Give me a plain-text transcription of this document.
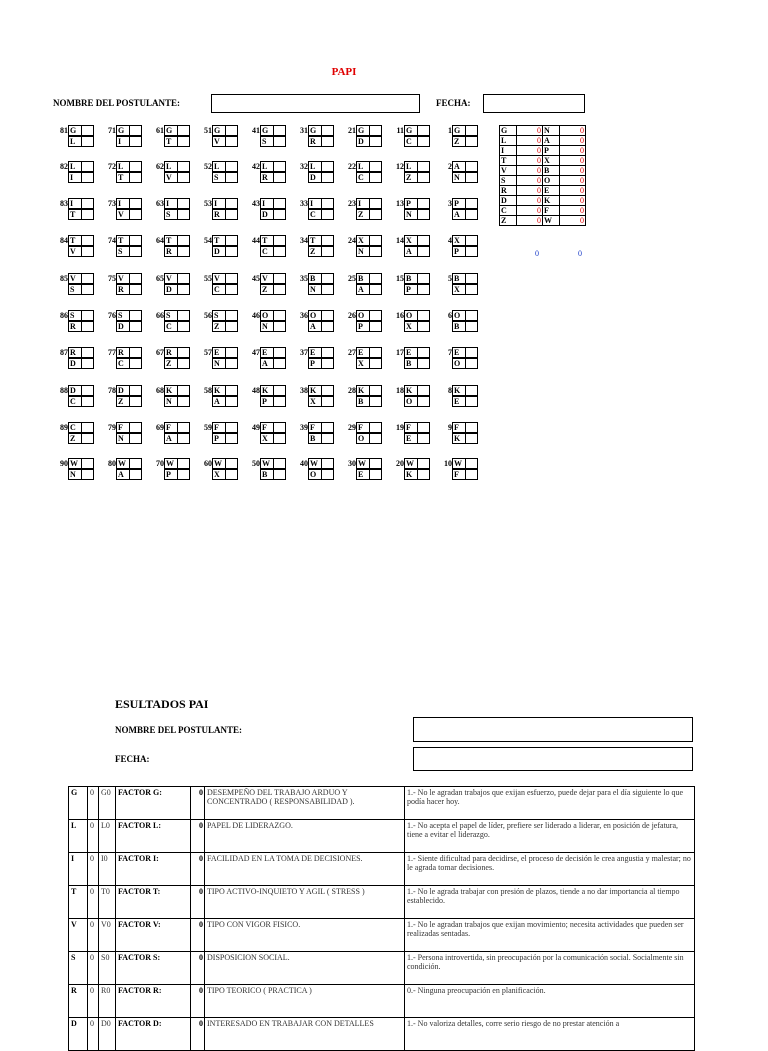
PAPI
NOMBRE DEL POSTULANTE:	FECHA:
81 G
L
71 G
I
61 G
T
51 G
V
41 G
S
31 G
R
21 G
D
11 G
C
1 G
Z
82 L
I
72 L
T
62 L
V
52 L
S
42 L
R
32 L
D
22 L
C
12 L
Z
2 A
N
83 I
T
73 I
V
63 I
S
53 I
R
43 I
D
33 I
C
23 I
Z
13 P
N
3 P
A
84 T
V
74 T
S
64 T
R
54 T
D
44 T
C
34 T
Z
24 X
N
14 X
A
4 X
P
85 V
S
75 V
R
65 V
D
55 V
C
45 V
Z
35 B
N
25 B
A
15 B
P
5 B
X
86 S
R
76 S
D
66 S
C
56 S
Z
46 O
N
36 O
A
26 O
P
16 O
X
6 O
B
87 R
D
77 R
C
67 R
Z
57 E
N
47 E
A
37 E
P
27 E
X
17 E
B
7 E
O
88 D
C
78 D
Z
68 K
N
58 K
A
48 K
P
38 K
X
28 K
B
18 K
O
8 K
E
89 C
Z
79 F
N
69 F
A
59 F
P
49 F
X
39 F
B
29 F
O
19 F
E
9 F
K
90 W
N
80 W
A
70 W
P
60 W
X
50 W
B
40 W
O
30 W
E
20 W
K
10 W
F
G	0	N	0
L	0	A	0
I	0	P	0
T	0	X	0
V	0	B	0
S	0	O	0
R	0	E	0
D	0	K	0
C	0	F	0
Z	0	W	0
0	0
ESULTADOS PAI
NOMBRE DEL POSTULANTE:
FECHA:
G	0	G0	FACTOR G:	0	DESEMPEÑO DEL TRABAJO ARDUO Y CONCENTRADO ( RESPONSABILIDAD ).	1.- No le agradan trabajos que exijan esfuerzo, puede dejar para el día siguiente lo que podía hacer hoy.
L	0	L0	FACTOR L:	0	PAPEL DE LIDERAZGO.	1.- No acepta el papel de líder, prefiere ser liderado a liderar, en posición de jefatura, tiene a evitar el liderazgo.
I	0	I0	FACTOR I:	0	FACILIDAD EN LA TOMA DE DECISIONES.	1.- Siente dificultad para decidirse, el proceso de decisión le crea angustia y malestar; no le agrada tomar decisiones.
T	0	T0	FACTOR T:	0	TIPO ACTIVO-INQUIETO Y AGIL ( STRESS )	1.- No le agrada trabajar con presión de plazos, tiende a no dar importancia al tiempo establecido.
V	0	V0	FACTOR V:	0	TIPO CON VIGOR FISICO.	1.- No le agradan trabajos que exijan movimiento; necesita actividades que pueden ser realizadas sentadas.
S	0	S0	FACTOR S:	0	DISPOSICION SOCIAL.	1.- Persona introvertida, sin preocupación por la comunicación social. Socialmente sin condición.
R	0	R0	FACTOR R:	0	TIPO TEORICO ( PRACTICA )	0.- Ninguna preocupación en planificación.
D	0	D0	FACTOR D:	0	INTERESADO EN TRABAJAR CON DETALLES	1.- No valoriza detalles, corre serio riesgo de no prestar atención a
